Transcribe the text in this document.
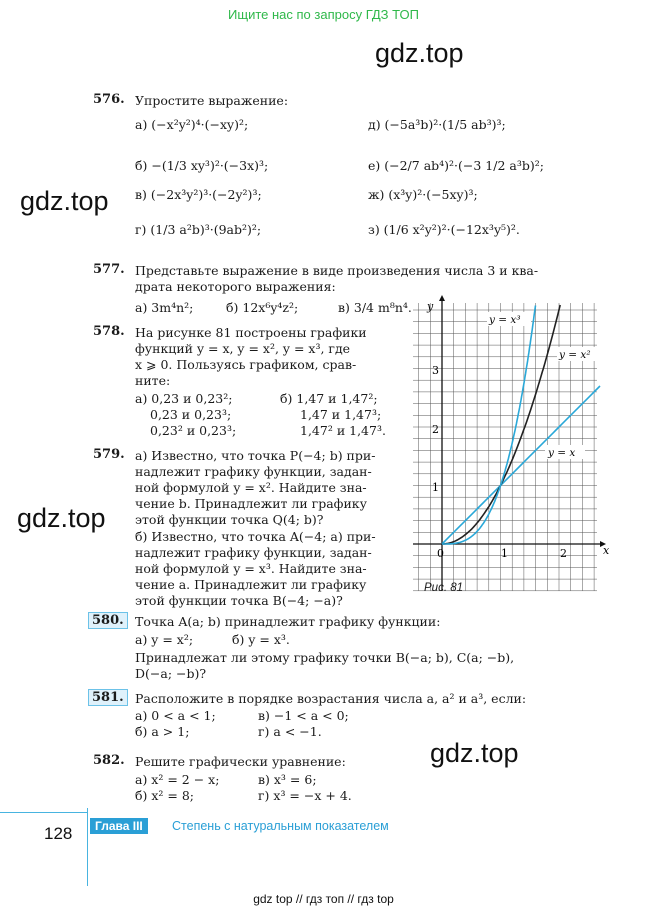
Ищите нас по запросу ГДЗ ТОП
gdz.top
gdz.top
gdz.top
gdz.top
576. Упростите выражение:
а) (−x²y²)⁴·(−xy)²;	д) (−5a³b)²·(1/5 ab³)³;
б) −(1/3 xy³)²·(−3x)³;	е) (−2/7 ab⁴)²·(−3 1/2 a³b)²;
в) (−2x³y²)³·(−2y²)³;	ж) (x³y)²·(−5xy)³;
г) (1/3 a²b)³·(9ab²)²;	з) (1/6 x²y²)²·(−12x³y⁵)².
577. Представьте выражение в виде произведения числа 3 и ква-
драта некоторого выражения:
а) 3m⁴n²;	б) 12x⁶y⁴z²;	в) 3/4 m⁸n⁴.
578. На рисунке 81 построены графики
функций y = x, y = x², y = x³, где
x ⩾ 0. Пользуясь графиком, срав-
ните:
а) 0,23 и 0,23²;	б) 1,47 и 1,47²;
0,23 и 0,23³;	1,47 и 1,47³;
0,23² и 0,23³;	1,47² и 1,47³.
579. а) Известно, что точка P(−4; b) при-
надлежит графику функции, задан-
ной формулой y = x². Найдите зна-
чение b. Принадлежит ли графику
этой функции точка Q(4; b)?
б) Известно, что точка A(−4; a) при-
надлежит графику функции, задан-
ной формулой y = x³. Найдите зна-
чение a. Принадлежит ли графику
этой функции точка B(−4; −a)?
580. Точка A(a; b) принадлежит графику функции:
а) y = x²;	б) y = x³.
Принадлежат ли этому графику точки B(−a; b), C(a; −b),
D(−a; −b)?
581. Расположите в порядке возрастания числа a, a² и a³, если:
а) 0 < a < 1;	в) −1 < a < 0;
б) a > 1;	г) a < −1.
582. Решите графически уравнение:
а) x² = 2 − x;	в) x³ = 6;
б) x² = 8;	г) x³ = −x + 4.
x
y
0	1	2
1
2
3
y = x³
y = x²
y = x
Рис. 81
128	Глава III	Степень с натуральным показателем
gdz top // гдз топ // гдз top
